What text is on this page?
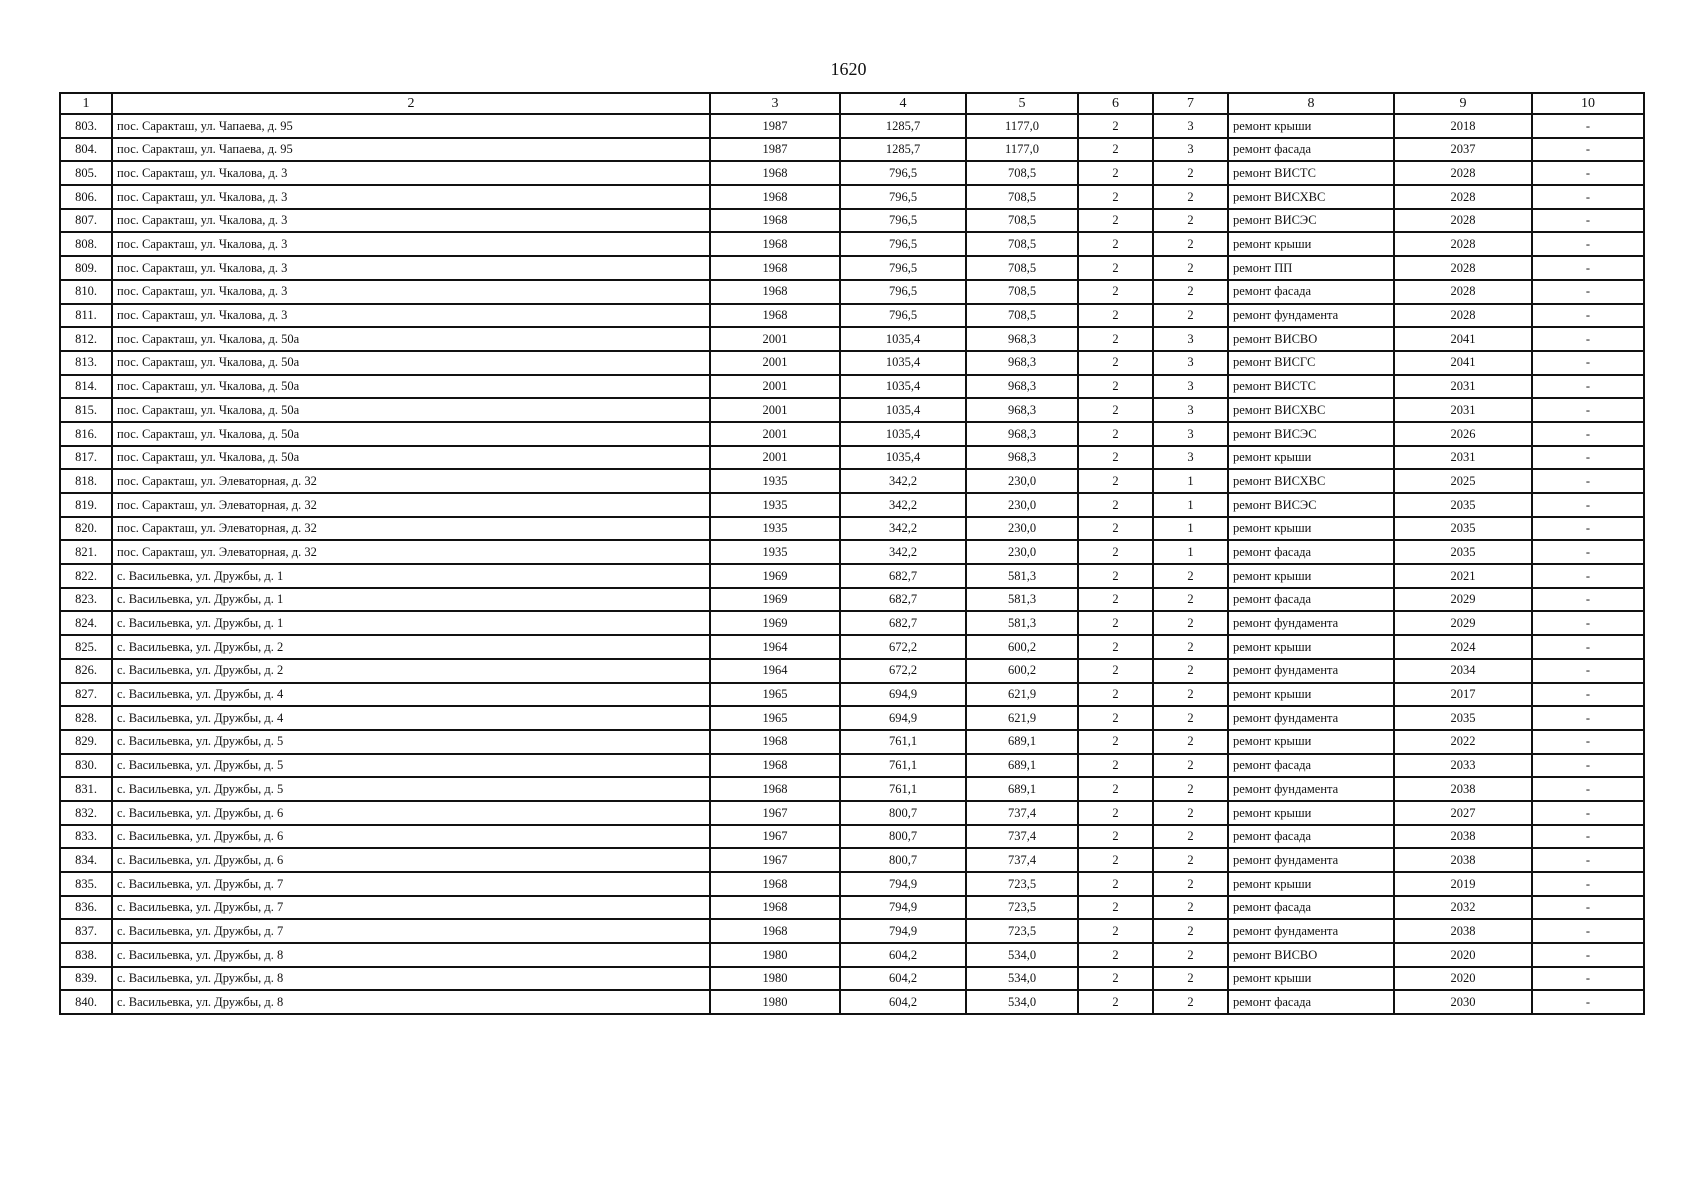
1620
1	2	3	4	5	6	7	8	9	10
803.	пос. Саракташ, ул. Чапаева, д. 95	1987	1285,7	1177,0	2	3	ремонт крыши	2018	-
804.	пос. Саракташ, ул. Чапаева, д. 95	1987	1285,7	1177,0	2	3	ремонт фасада	2037	-
805.	пос. Саракташ, ул. Чкалова, д. 3	1968	796,5	708,5	2	2	ремонт ВИСТС	2028	-
806.	пос. Саракташ, ул. Чкалова, д. 3	1968	796,5	708,5	2	2	ремонт ВИСХВС	2028	-
807.	пос. Саракташ, ул. Чкалова, д. 3	1968	796,5	708,5	2	2	ремонт ВИСЭС	2028	-
808.	пос. Саракташ, ул. Чкалова, д. 3	1968	796,5	708,5	2	2	ремонт крыши	2028	-
809.	пос. Саракташ, ул. Чкалова, д. 3	1968	796,5	708,5	2	2	ремонт ПП	2028	-
810.	пос. Саракташ, ул. Чкалова, д. 3	1968	796,5	708,5	2	2	ремонт фасада	2028	-
811.	пос. Саракташ, ул. Чкалова, д. 3	1968	796,5	708,5	2	2	ремонт фундамента	2028	-
812.	пос. Саракташ, ул. Чкалова, д. 50а	2001	1035,4	968,3	2	3	ремонт ВИСВО	2041	-
813.	пос. Саракташ, ул. Чкалова, д. 50а	2001	1035,4	968,3	2	3	ремонт ВИСГС	2041	-
814.	пос. Саракташ, ул. Чкалова, д. 50а	2001	1035,4	968,3	2	3	ремонт ВИСТС	2031	-
815.	пос. Саракташ, ул. Чкалова, д. 50а	2001	1035,4	968,3	2	3	ремонт ВИСХВС	2031	-
816.	пос. Саракташ, ул. Чкалова, д. 50а	2001	1035,4	968,3	2	3	ремонт ВИСЭС	2026	-
817.	пос. Саракташ, ул. Чкалова, д. 50а	2001	1035,4	968,3	2	3	ремонт крыши	2031	-
818.	пос. Саракташ, ул. Элеваторная, д. 32	1935	342,2	230,0	2	1	ремонт ВИСХВС	2025	-
819.	пос. Саракташ, ул. Элеваторная, д. 32	1935	342,2	230,0	2	1	ремонт ВИСЭС	2035	-
820.	пос. Саракташ, ул. Элеваторная, д. 32	1935	342,2	230,0	2	1	ремонт крыши	2035	-
821.	пос. Саракташ, ул. Элеваторная, д. 32	1935	342,2	230,0	2	1	ремонт фасада	2035	-
822.	с. Васильевка, ул. Дружбы, д. 1	1969	682,7	581,3	2	2	ремонт крыши	2021	-
823.	с. Васильевка, ул. Дружбы, д. 1	1969	682,7	581,3	2	2	ремонт фасада	2029	-
824.	с. Васильевка, ул. Дружбы, д. 1	1969	682,7	581,3	2	2	ремонт фундамента	2029	-
825.	с. Васильевка, ул. Дружбы, д. 2	1964	672,2	600,2	2	2	ремонт крыши	2024	-
826.	с. Васильевка, ул. Дружбы, д. 2	1964	672,2	600,2	2	2	ремонт фундамента	2034	-
827.	с. Васильевка, ул. Дружбы, д. 4	1965	694,9	621,9	2	2	ремонт крыши	2017	-
828.	с. Васильевка, ул. Дружбы, д. 4	1965	694,9	621,9	2	2	ремонт фундамента	2035	-
829.	с. Васильевка, ул. Дружбы, д. 5	1968	761,1	689,1	2	2	ремонт крыши	2022	-
830.	с. Васильевка, ул. Дружбы, д. 5	1968	761,1	689,1	2	2	ремонт фасада	2033	-
831.	с. Васильевка, ул. Дружбы, д. 5	1968	761,1	689,1	2	2	ремонт фундамента	2038	-
832.	с. Васильевка, ул. Дружбы, д. 6	1967	800,7	737,4	2	2	ремонт крыши	2027	-
833.	с. Васильевка, ул. Дружбы, д. 6	1967	800,7	737,4	2	2	ремонт фасада	2038	-
834.	с. Васильевка, ул. Дружбы, д. 6	1967	800,7	737,4	2	2	ремонт фундамента	2038	-
835.	с. Васильевка, ул. Дружбы, д. 7	1968	794,9	723,5	2	2	ремонт крыши	2019	-
836.	с. Васильевка, ул. Дружбы, д. 7	1968	794,9	723,5	2	2	ремонт фасада	2032	-
837.	с. Васильевка, ул. Дружбы, д. 7	1968	794,9	723,5	2	2	ремонт фундамента	2038	-
838.	с. Васильевка, ул. Дружбы, д. 8	1980	604,2	534,0	2	2	ремонт ВИСВО	2020	-
839.	с. Васильевка, ул. Дружбы, д. 8	1980	604,2	534,0	2	2	ремонт крыши	2020	-
840.	с. Васильевка, ул. Дружбы, д. 8	1980	604,2	534,0	2	2	ремонт фасада	2030	-
